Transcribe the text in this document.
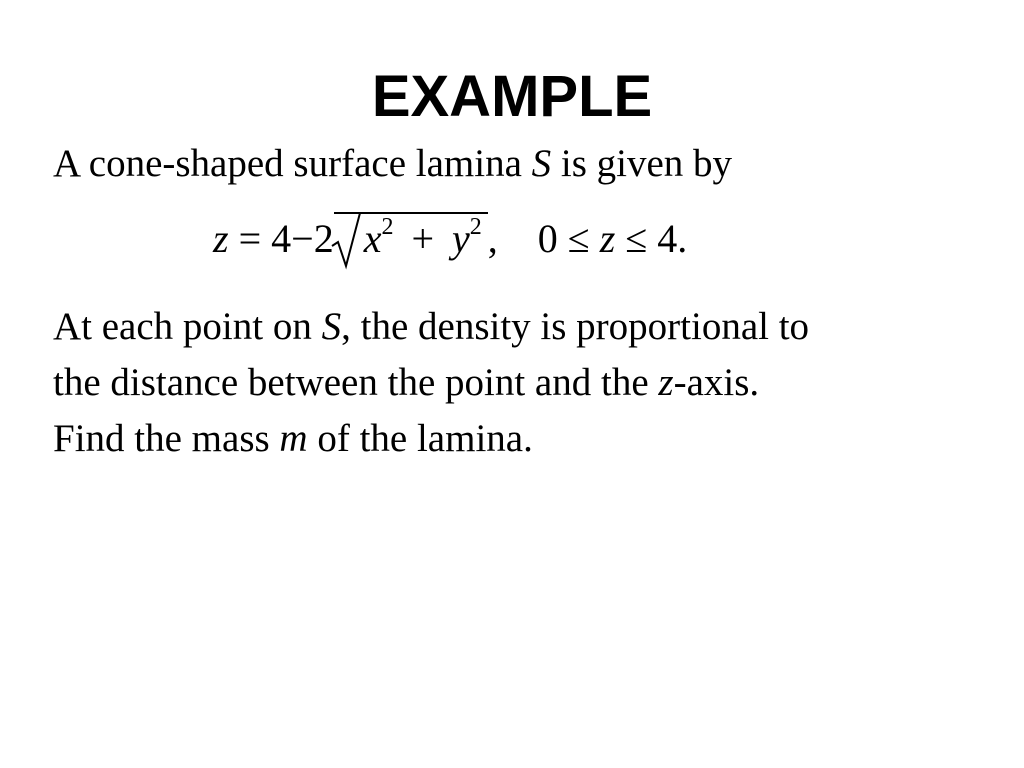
EXAMPLE

A cone-shaped surface lamina S is given by

z = 4−2 $x^2 + y^2$ , 0 ≤ z ≤ 4.

At each point on S, the density is proportional to

the distance between the point and the z-axis.

Find the mass m of the lamina.
